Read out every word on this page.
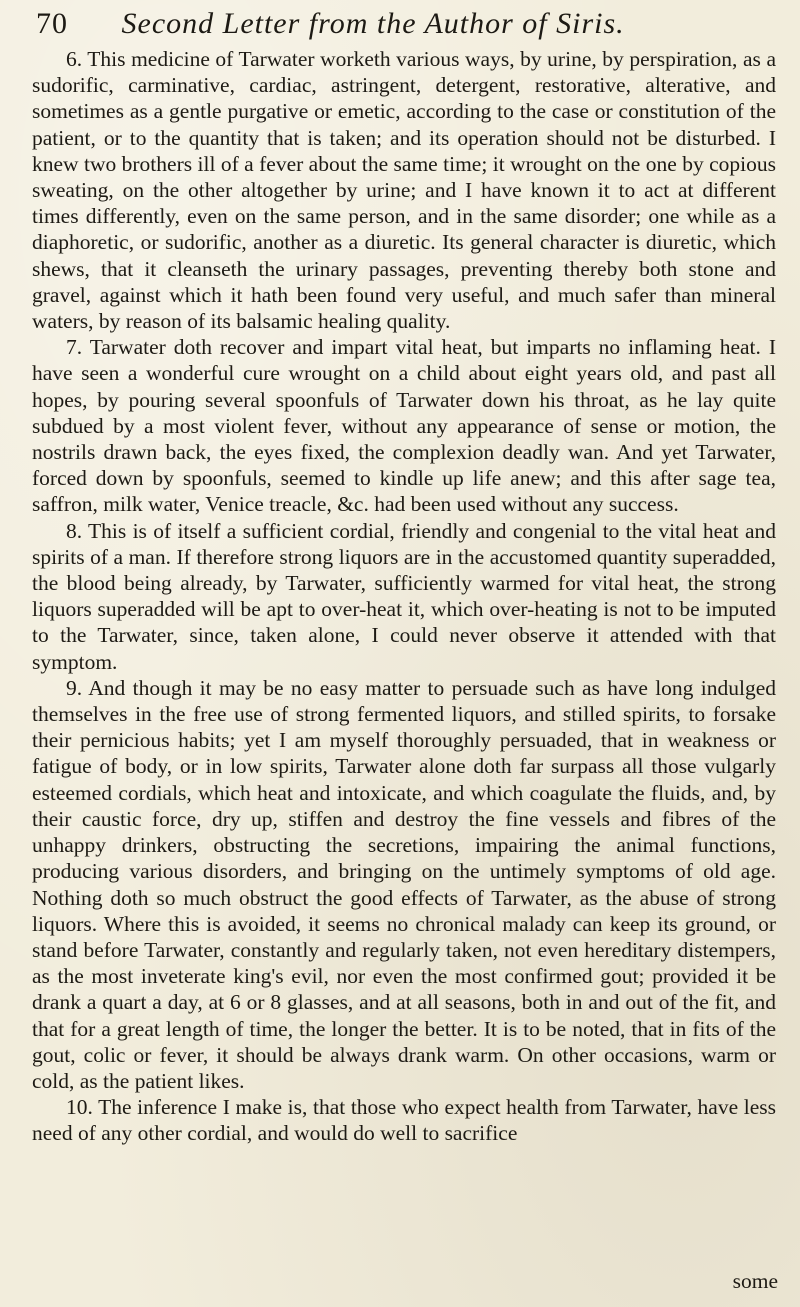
70 Second Letter from the Author of Siris.

6. This medicine of Tarwater worketh various ways, by urine, by perspiration, as a sudorific, carminative, cardiac, astringent, detergent, restorative, alterative, and sometimes as a gentle purgative or emetic, according to the case or constitution of the patient, or to the quantity that is taken; and its operation should not be disturbed. I knew two brothers ill of a fever about the same time; it wrought on the one by copious sweating, on the other altogether by urine; and I have known it to act at different times differently, even on the same person, and in the same disorder; one while as a diaphoretic, or sudorific, another as a diuretic. Its general character is diuretic, which shews, that it cleanseth the urinary passages, preventing thereby both stone and gravel, against which it hath been found very useful, and much safer than mineral waters, by reason of its balsamic healing quality.

7. Tarwater doth recover and impart vital heat, but imparts no inflaming heat. I have seen a wonderful cure wrought on a child about eight years old, and past all hopes, by pouring several spoonfuls of Tarwater down his throat, as he lay quite subdued by a most violent fever, without any appearance of sense or motion, the nostrils drawn back, the eyes fixed, the complexion deadly wan. And yet Tarwater, forced down by spoonfuls, seemed to kindle up life anew; and this after sage tea, saffron, milk water, Venice treacle, &c. had been used without any success.

8. This is of itself a sufficient cordial, friendly and congenial to the vital heat and spirits of a man. If therefore strong liquors are in the accustomed quantity superadded, the blood being already, by Tarwater, sufficiently warmed for vital heat, the strong liquors superadded will be apt to over-heat it, which over-heating is not to be imputed to the Tarwater, since, taken alone, I could never observe it attended with that symptom.

9. And though it may be no easy matter to persuade such as have long indulged themselves in the free use of strong fermented liquors, and stilled spirits, to forsake their pernicious habits; yet I am myself thoroughly persuaded, that in weakness or fatigue of body, or in low spirits, Tarwater alone doth far surpass all those vulgarly esteemed cordials, which heat and intoxicate, and which coagulate the fluids, and, by their caustic force, dry up, stiffen and destroy the fine vessels and fibres of the unhappy drinkers, obstructing the secretions, impairing the animal functions, producing various disorders, and bringing on the untimely symptoms of old age. Nothing doth so much obstruct the good effects of Tarwater, as the abuse of strong liquors. Where this is avoided, it seems no chronical malady can keep its ground, or stand before Tarwater, constantly and regularly taken, not even hereditary distempers, as the most inveterate king's evil, nor even the most confirmed gout; provided it be drank a quart a day, at 6 or 8 glasses, and at all seasons, both in and out of the fit, and that for a great length of time, the longer the better. It is to be noted, that in fits of the gout, colic or fever, it should be always drank warm. On other occasions, warm or cold, as the patient likes.

10. The inference I make is, that those who expect health from Tarwater, have less need of any other cordial, and would do well to sacrifice

some
